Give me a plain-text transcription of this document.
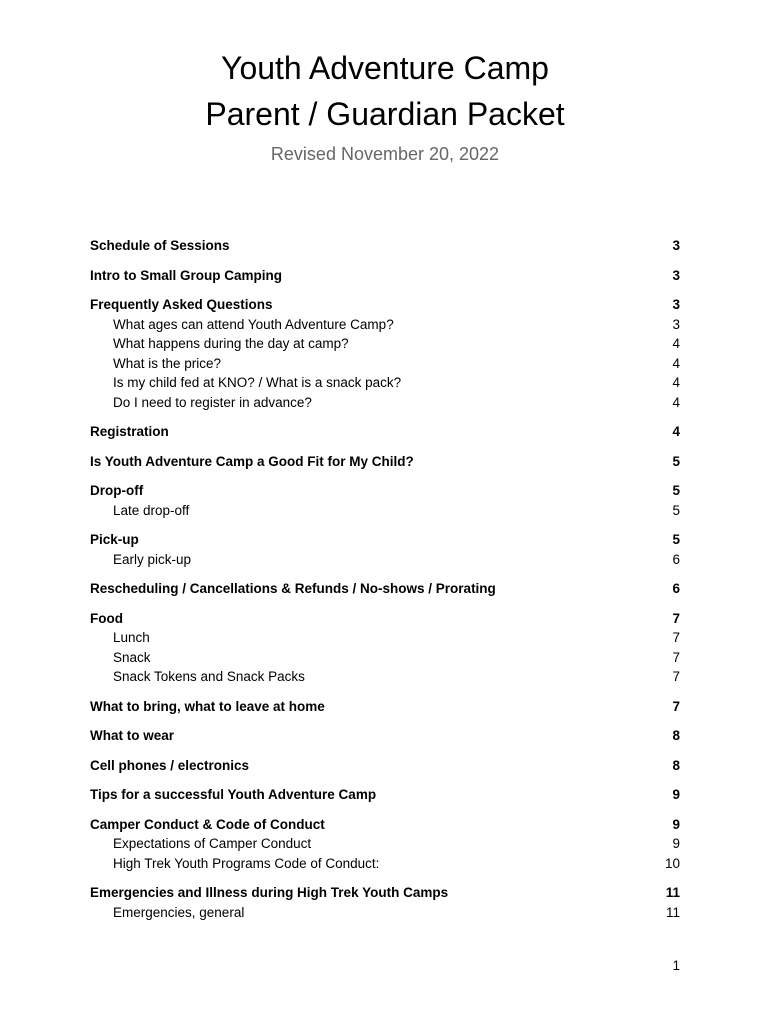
Youth Adventure Camp
Parent / Guardian Packet
Revised November 20, 2022
Schedule of Sessions	3
Intro to Small Group Camping	3
Frequently Asked Questions	3
What ages can attend Youth Adventure Camp?	3
What happens during the day at camp?	4
What is the price?	4
Is my child fed at KNO? / What is a snack pack?	4
Do I need to register in advance?	4
Registration	4
Is Youth Adventure Camp a Good Fit for My Child?	5
Drop-off	5
Late drop-off	5
Pick-up	5
Early pick-up	6
Rescheduling / Cancellations & Refunds / No-shows / Prorating	6
Food	7
Lunch	7
Snack	7
Snack Tokens and Snack Packs	7
What to bring, what to leave at home	7
What to wear	8
Cell phones / electronics	8
Tips for a successful Youth Adventure Camp	9
Camper Conduct & Code of Conduct	9
Expectations of Camper Conduct	9
High Trek Youth Programs Code of Conduct:	10
Emergencies and Illness during High Trek Youth Camps	11
Emergencies, general	11
1
